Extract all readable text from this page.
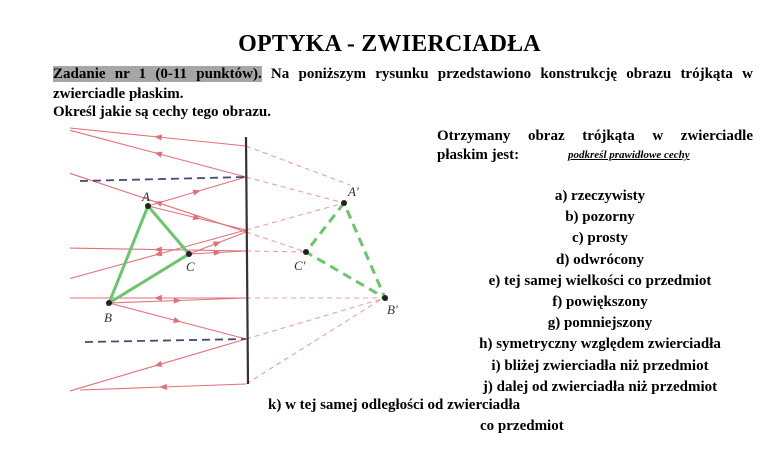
OPTYKA - ZWIERCIADŁA
Zadanie nr 1 (0-11 punktów). Na poniższym rysunku przedstawiono konstrukcję obrazu trójkąta w zwierciadle płaskim.
Określ jakie są cechy tego obrazu.
Otrzymany obraz trójkąta w zwierciadle
płaskim jest:	podkreśl prawidłowe cechy
a) rzeczywisty
b) pozorny
c) prosty
d) odwrócony
e) tej samej wielkości co przedmiot
f) powiększony
g) pomniejszony
h) symetryczny względem zwierciadła
i) bliżej zwierciadła niż przedmiot
j) dalej od zwierciadła niż przedmiot
k) w tej samej odległości od zwierciadła
co przedmiot
A
B
C
A′
B′
C′
